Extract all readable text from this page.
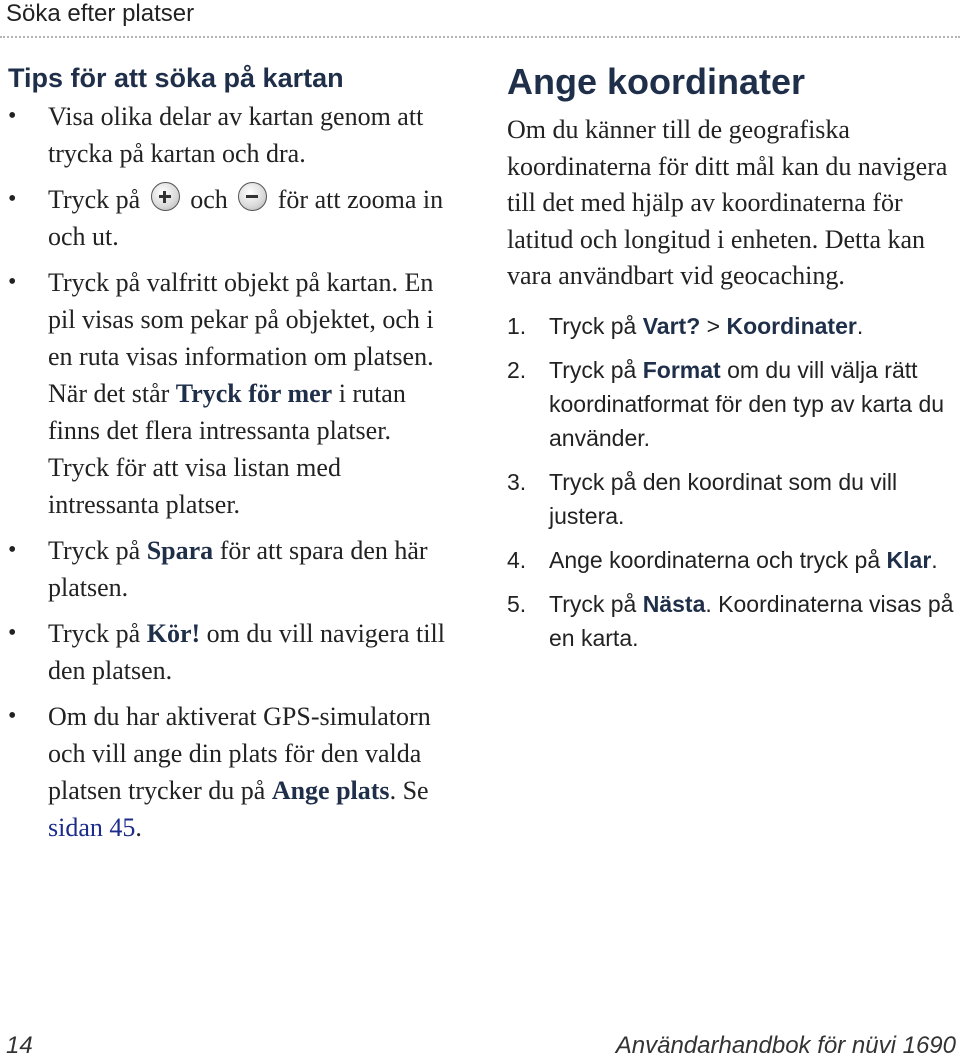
Söka efter platser
Tips för att söka på kartan
• Visa olika delar av kartan genom att trycka på kartan och dra.
• Tryck på och för att zooma in och ut.
• Tryck på valfritt objekt på kartan. En pil visas som pekar på objektet, och i en ruta visas information om platsen. När det står Tryck för mer i rutan finns det flera intressanta platser. Tryck för att visa listan med intressanta platser.
• Tryck på Spara för att spara den här platsen.
• Tryck på Kör! om du vill navigera till den platsen.
• Om du har aktiverat GPS-simulatorn och vill ange din plats för den valda platsen trycker du på Ange plats. Se sidan 45.
Ange koordinater

Om du känner till de geografiska koordinaterna för ditt mål kan du navigera till det med hjälp av koordinaterna för latitud och longitud i enheten. Detta kan vara användbart vid geocaching.

1. Tryck på Vart? > Koordinater.
2. Tryck på Format om du vill välja rätt koordinatformat för den typ av karta du använder.
3. Tryck på den koordinat som du vill justera.
4. Ange koordinaterna och tryck på Klar.
5. Tryck på Nästa. Koordinaterna visas på en karta.
14	Användarhandbok för nüvi 1690
